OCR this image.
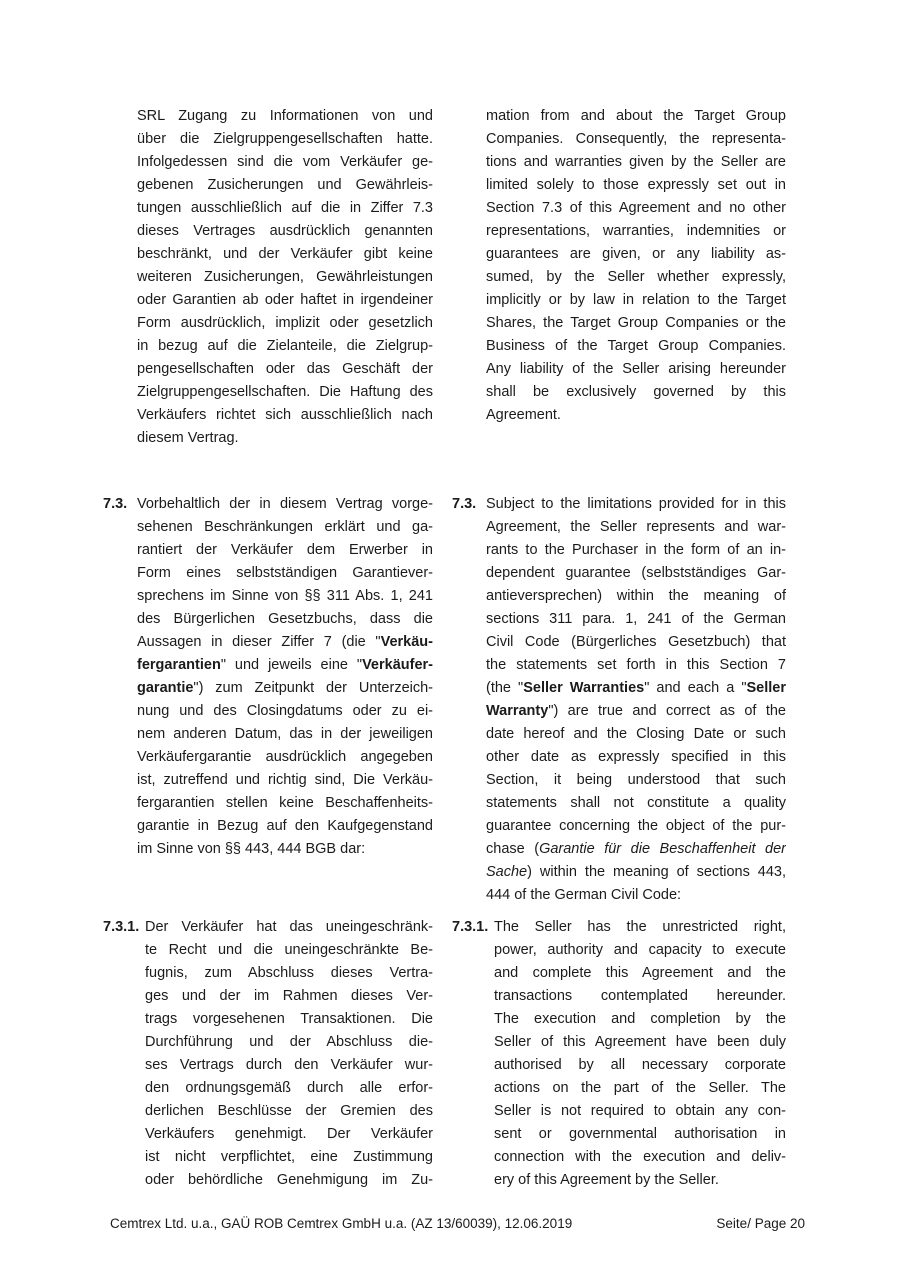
SRL Zugang zu Informationen von und
über die Zielgruppengesellschaften hatte.
Infolgedessen sind die vom Verkäufer ge-
gebenen Zusicherungen und Gewährleis-
tungen ausschließlich auf die in Ziffer 7.3
dieses Vertrages ausdrücklich genannten
beschränkt, und der Verkäufer gibt keine
weiteren Zusicherungen, Gewährleistungen
oder Garantien ab oder haftet in irgendeiner
Form ausdrücklich, implizit oder gesetzlich
in bezug auf die Zielanteile, die Zielgrup-
pengesellschaften oder das Geschäft der
Zielgruppengesellschaften. Die Haftung des
Verkäufers richtet sich ausschließlich nach
diesem Vertrag.
mation from and about the Target Group
Companies. Consequently, the representa-
tions and warranties given by the Seller are
limited solely to those expressly set out in
Section 7.3 of this Agreement and no other
representations, warranties, indemnities or
guarantees are given, or any liability as-
sumed, by the Seller whether expressly,
implicitly or by law in relation to the Target
Shares, the Target Group Companies or the
Business of the Target Group Companies.
Any liability of the Seller arising hereunder
shall be exclusively governed by this
Agreement.
7.3. Vorbehaltlich der in diesem Vertrag vorge-
sehenen Beschränkungen erklärt und ga-
rantiert der Verkäufer dem Erwerber in
Form eines selbstständigen Garantiever-
sprechens im Sinne von §§ 311 Abs. 1, 241
des Bürgerlichen Gesetzbuchs, dass die
Aussagen in dieser Ziffer 7 (die "Verkäu-
fergarantien" und jeweils eine "Verkäufer-
garantie") zum Zeitpunkt der Unterzeich-
nung und des Closingdatums oder zu ei-
nem anderen Datum, das in der jeweiligen
Verkäufergarantie ausdrücklich angegeben
ist, zutreffend und richtig sind, Die Verkäu-
fergarantien stellen keine Beschaffenheits-
garantie in Bezug auf den Kaufgegenstand
im Sinne von §§ 443, 444 BGB dar:
7.3. Subject to the limitations provided for in this
Agreement, the Seller represents and war-
rants to the Purchaser in the form of an in-
dependent guarantee (selbstständiges Gar-
antieversprechen) within the meaning of
sections 311 para. 1, 241 of the German
Civil Code (Bürgerliches Gesetzbuch) that
the statements set forth in this Section 7
(the "Seller Warranties" and each a "Seller
Warranty") are true and correct as of the
date hereof and the Closing Date or such
other date as expressly specified in this
Section, it being understood that such
statements shall not constitute a quality
guarantee concerning the object of the pur-
chase (Garantie für die Beschaffenheit der
Sache) within the meaning of sections 443,
444 of the German Civil Code:
7.3.1. Der Verkäufer hat das uneingeschränk-
te Recht und die uneingeschränkte Be-
fugnis, zum Abschluss dieses Vertra-
ges und der im Rahmen dieses Ver-
trags vorgesehenen Transaktionen. Die
Durchführung und der Abschluss die-
ses Vertrags durch den Verkäufer wur-
den ordnungsgemäß durch alle erfor-
derlichen Beschlüsse der Gremien des
Verkäufers genehmigt. Der Verkäufer
ist nicht verpflichtet, eine Zustimmung
oder behördliche Genehmigung im Zu-
7.3.1. The Seller has the unrestricted right,
power, authority and capacity to execute
and complete this Agreement and the
transactions contemplated hereunder.
The execution and completion by the
Seller of this Agreement have been duly
authorised by all necessary corporate
actions on the part of the Seller. The
Seller is not required to obtain any con-
sent or governmental authorisation in
connection with the execution and deliv-
ery of this Agreement by the Seller.
Cemtrex Ltd. u.a., GAÜ ROB Cemtrex GmbH u.a. (AZ 13/60039), 12.06.2019	Seite/ Page 20
